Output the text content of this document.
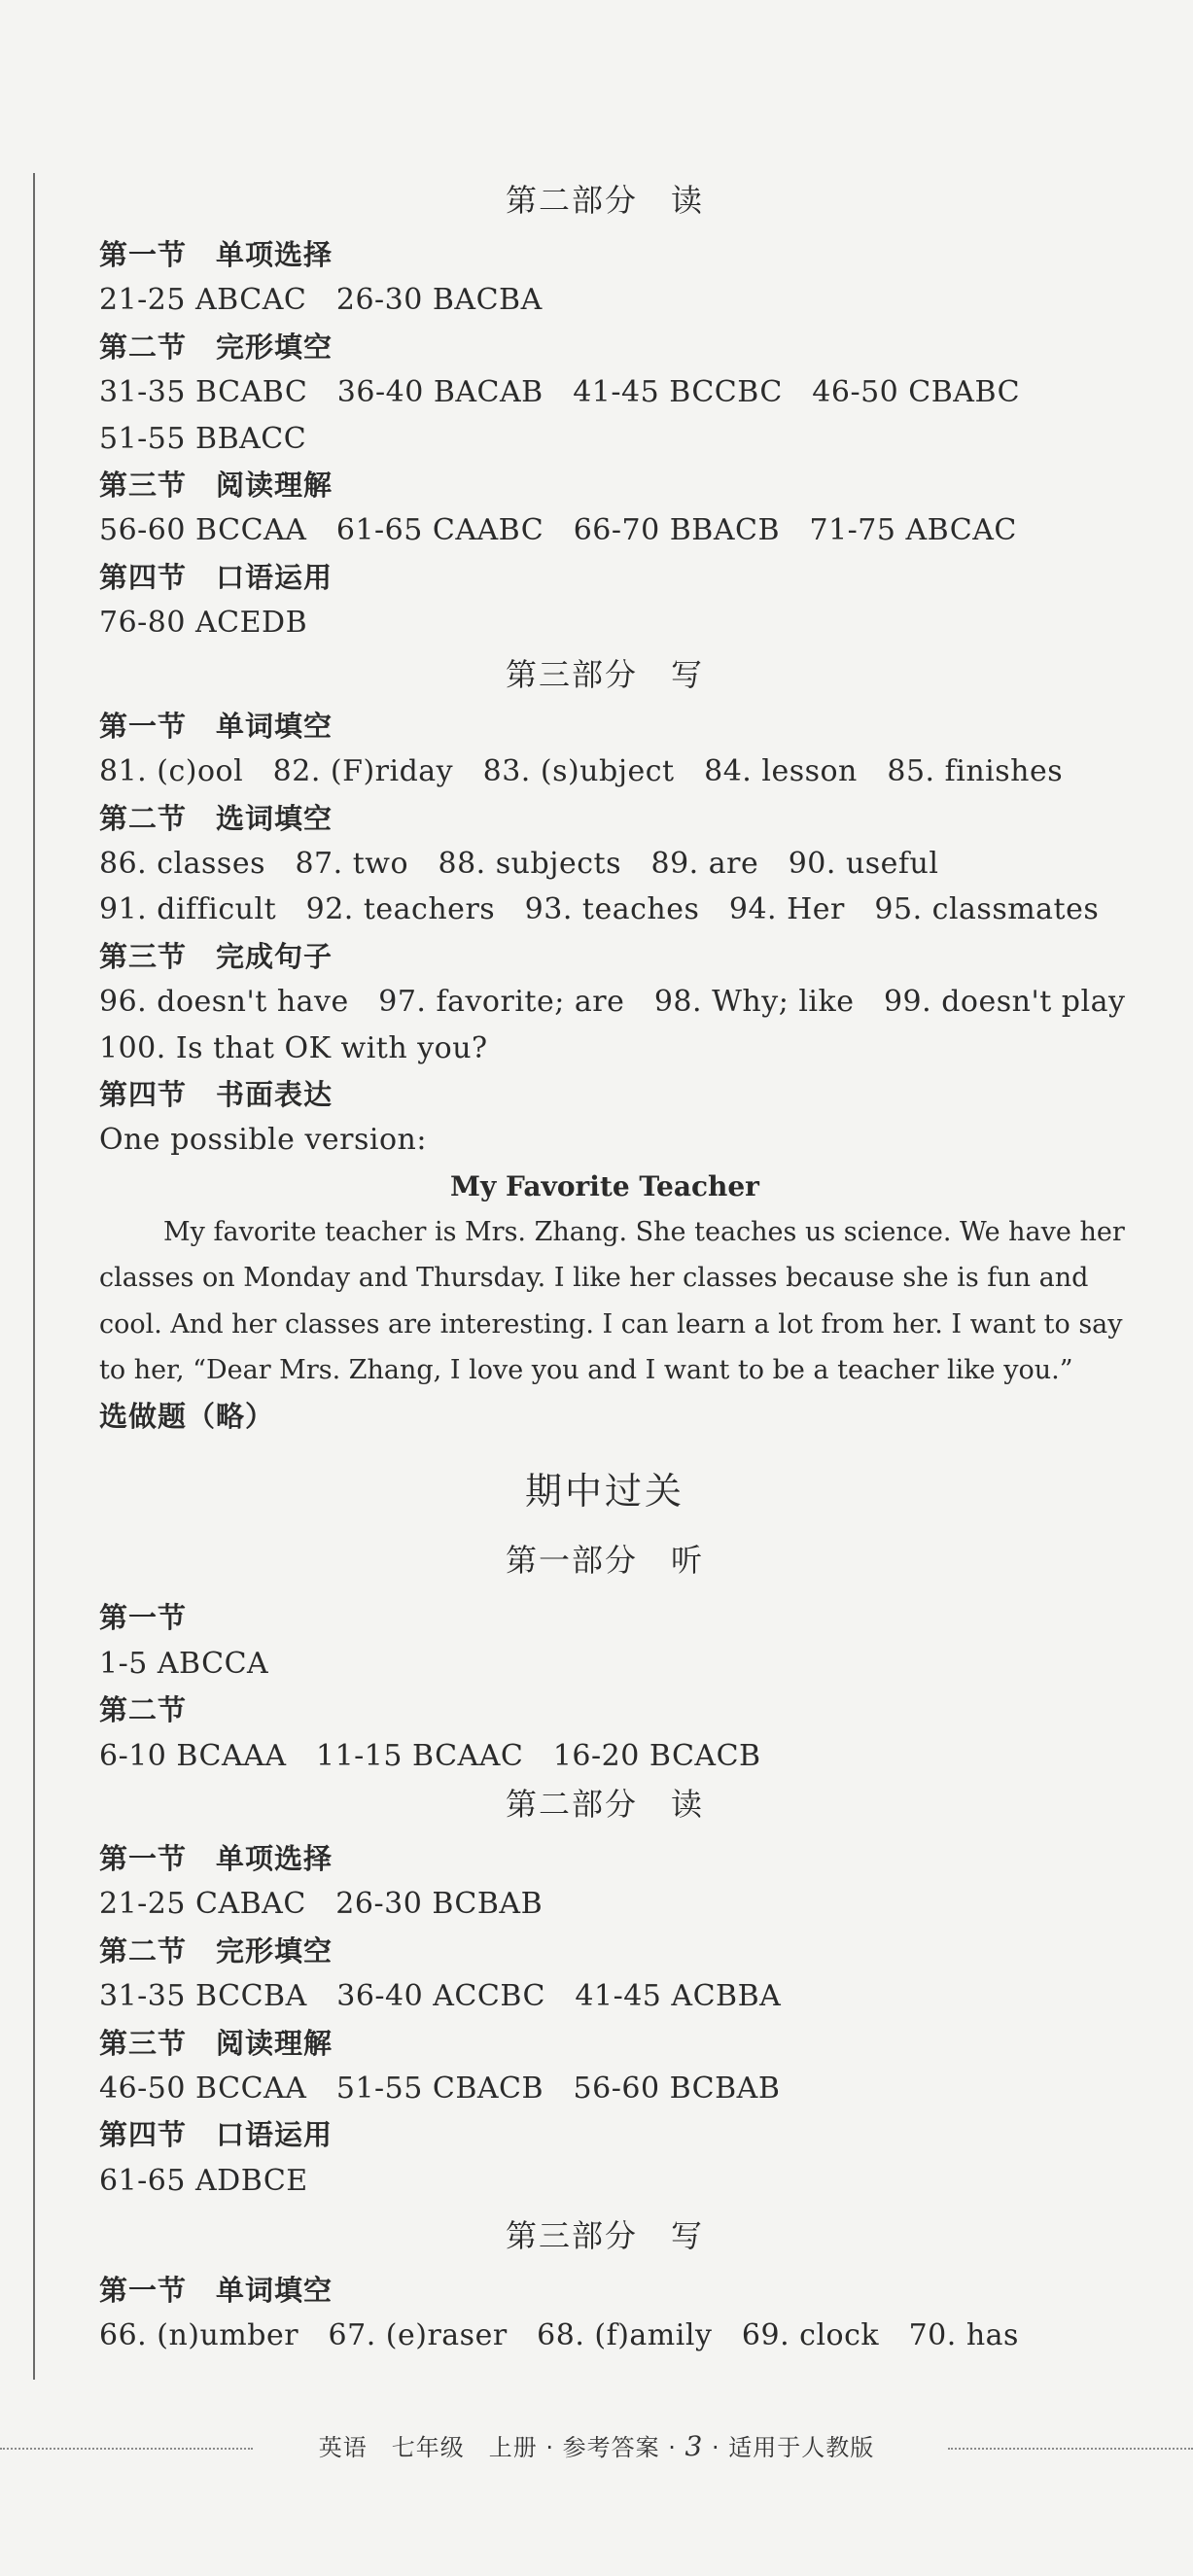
第二部分　读
第一节　单项选择
21-25 ABCAC　26-30 BACBA
第二节　完形填空
31-35 BCABC　36-40 BACAB　41-45 BCCBC　46-50 CBABC
51-55 BBACC
第三节　阅读理解
56-60 BCCAA　61-65 CAABC　66-70 BBACB　71-75 ABCAC
第四节　口语运用
76-80 ACEDB
第三部分　写
第一节　单词填空
81. (c)ool　82. (F)riday　83. (s)ubject　84. lesson　85. finishes
第二节　选词填空
86. classes　87. two　88. subjects　89. are　90. useful
91. difficult　92. teachers　93. teaches　94. Her　95. classmates
第三节　完成句子
96. doesn't have　97. favorite; are　98. Why; like　99. doesn't play
100. Is that OK with you?
第四节　书面表达
One possible version:
My Favorite Teacher
My favorite teacher is Mrs. Zhang. She teaches us science. We have her
classes on Monday and Thursday. I like her classes because she is fun and
cool. And her classes are interesting. I can learn a lot from her. I want to say
to her, “Dear Mrs. Zhang, I love you and I want to be a teacher like you.”
选做题（略）
期中过关
第一部分　听
第一节
1-5 ABCCA
第二节
6-10 BCAAA　11-15 BCAAC　16-20 BCACB
第二部分　读
第一节　单项选择
21-25 CABAC　26-30 BCBAB
第二节　完形填空
31-35 BCCBA　36-40 ACCBC　41-45 ACBBA
第三节　阅读理解
46-50 BCCAA　51-55 CBACB　56-60 BCBAB
第四节　口语运用
61-65 ADBCE
第三部分　写
第一节　单词填空
66. (n)umber　67. (e)raser　68. (f)amily　69. clock　70. has
英语　七年级　上册 · 参考答案 · 3 · 适用于人教版
